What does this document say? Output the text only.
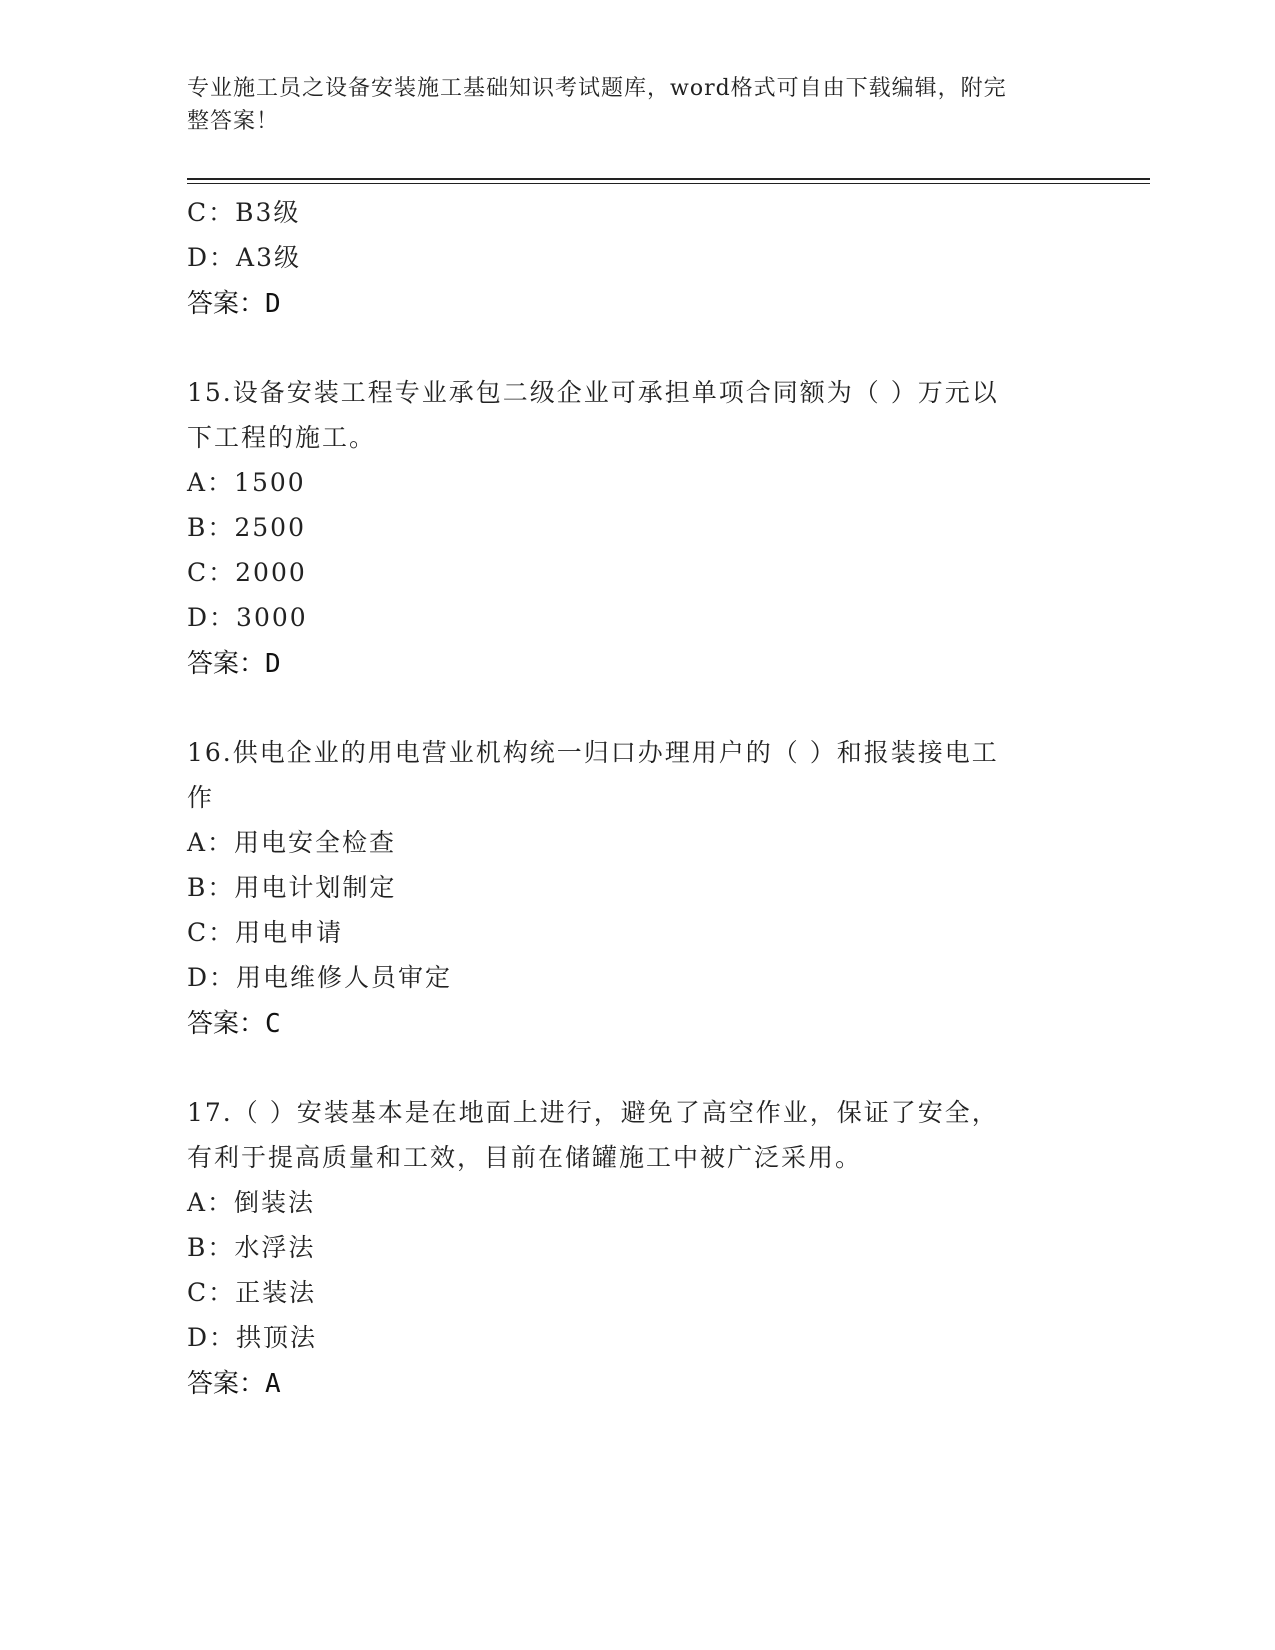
专业施工员之设备安装施工基础知识考试题库，word格式可自由下载编辑，附完
整答案！
C：B3级
D：A3级
答案：D
15.设备安装工程专业承包二级企业可承担单项合同额为（ ）万元以
下工程的施工。
A：1500
B：2500
C：2000
D：3000
答案：D
16.供电企业的用电营业机构统一归口办理用户的（ ）和报装接电工
作
A：用电安全检查
B：用电计划制定
C：用电申请
D：用电维修人员审定
答案：C
17.（ ）安装基本是在地面上进行，避免了高空作业，保证了安全，
有利于提高质量和工效，目前在储罐施工中被广泛采用。
A：倒装法
B：水浮法
C：正装法
D：拱顶法
答案：A
